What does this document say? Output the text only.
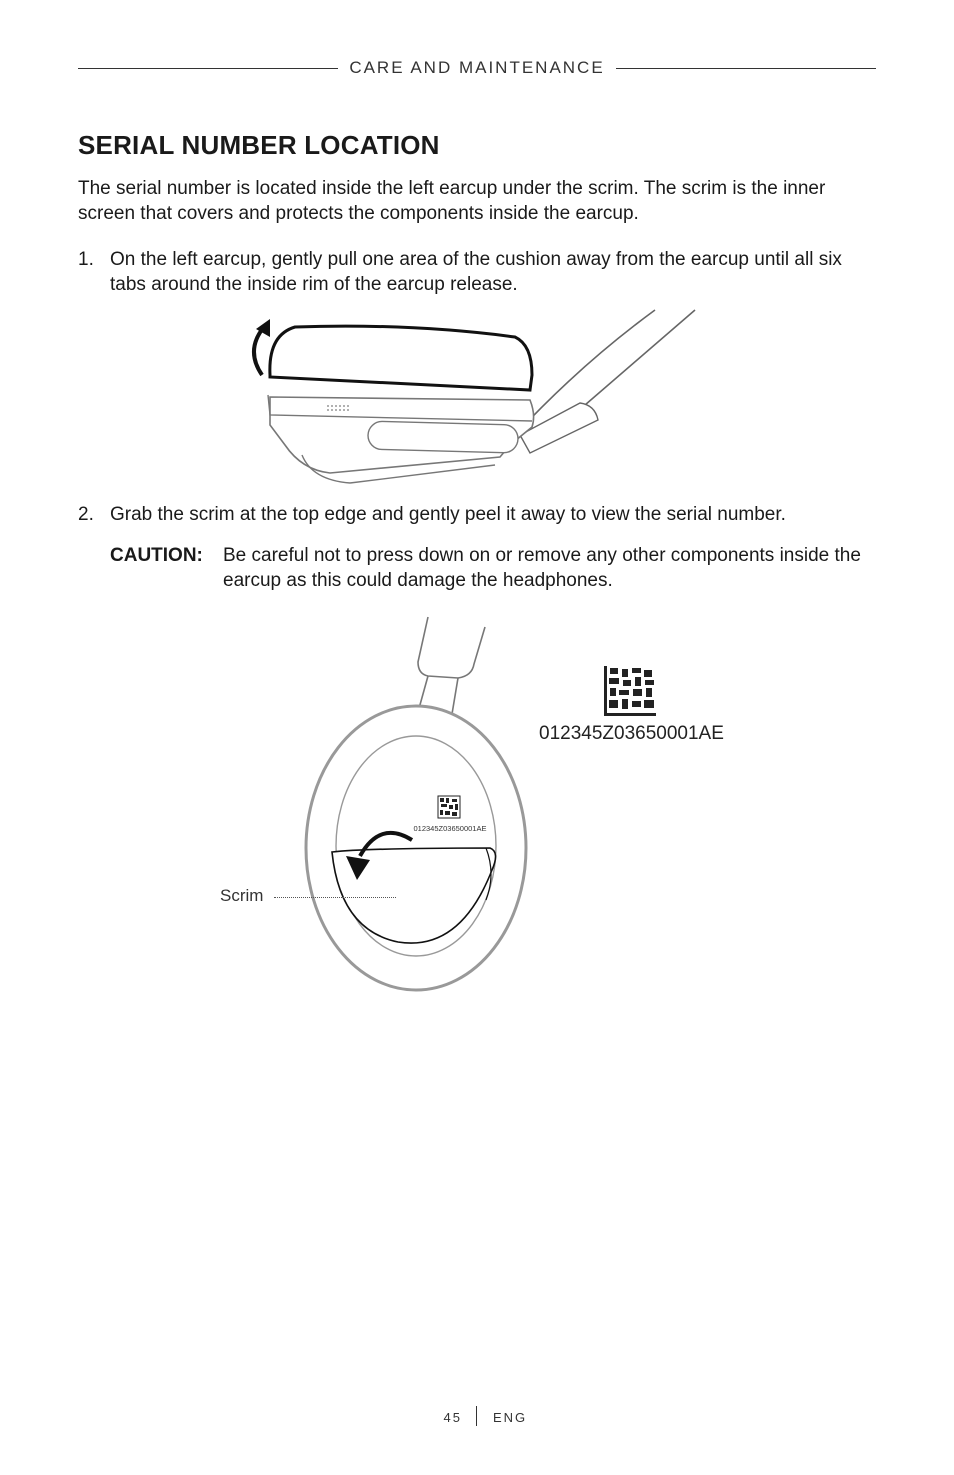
CARE AND MAINTENANCE
SERIAL NUMBER LOCATION
The serial number is located inside the left earcup under the scrim. The scrim is the inner screen that covers and protects the components inside the earcup.
1. On the left earcup, gently pull one area of the cushion away from the earcup until all six tabs around the inside rim of the earcup release.
2. Grab the scrim at the top edge and gently peel it away to view the serial number.
CAUTION: Be careful not to press down on or remove any other components inside the earcup as this could damage the headphones.
012345Z03650001AE
Scrim
012345Z03650001AE
45 ENG
